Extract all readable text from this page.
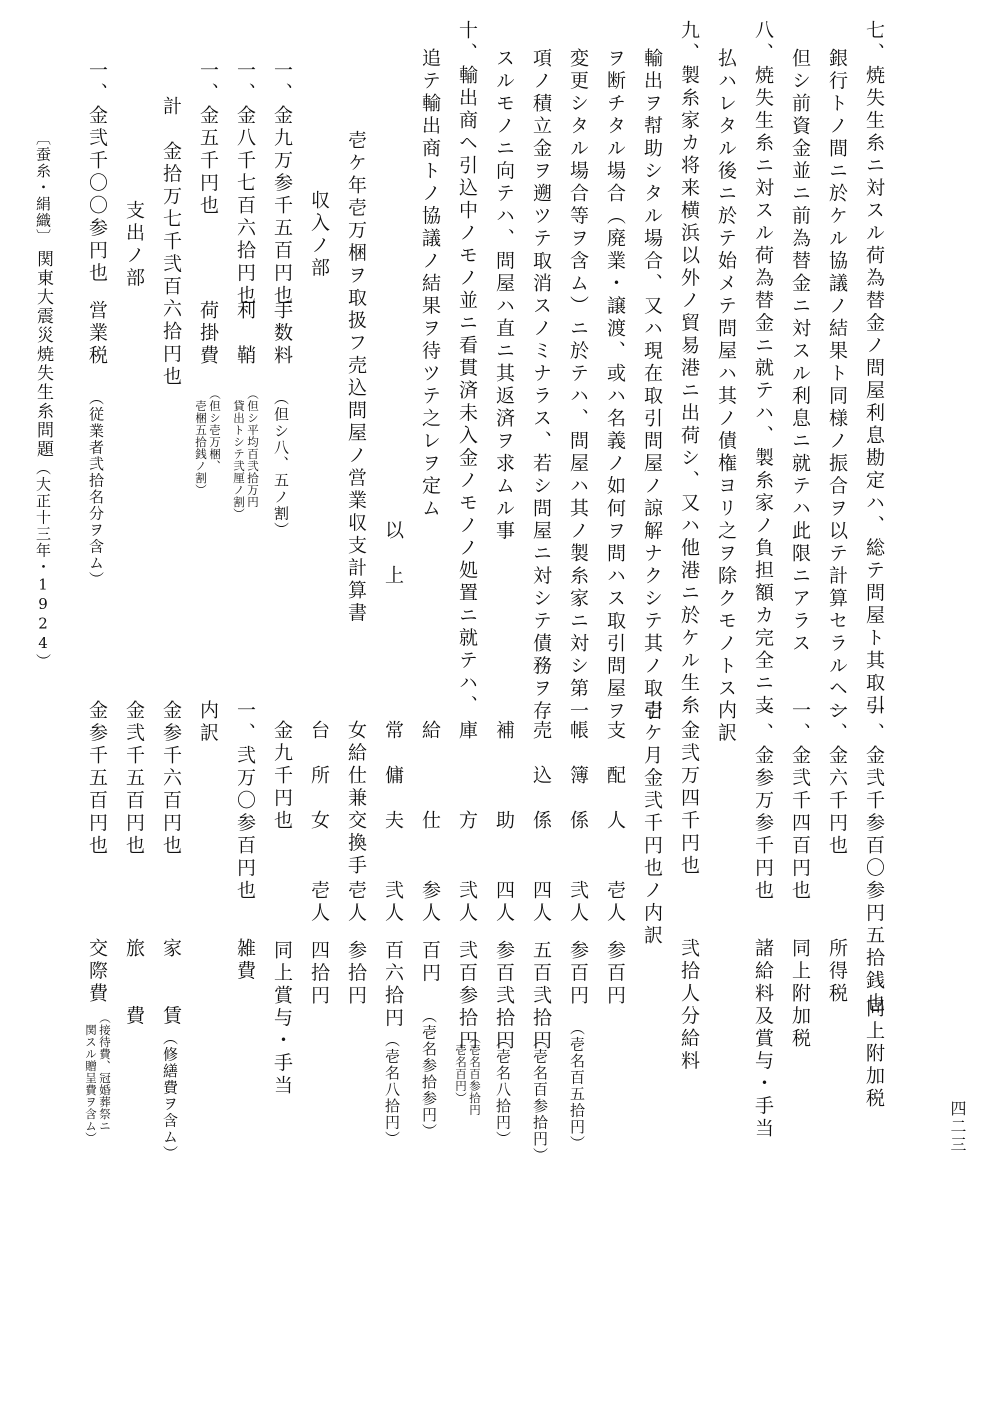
七、焼失生糸ニ対スル荷為替金ノ問屋利息勘定ハ、総テ問屋ト其取引
銀行トノ間ニ於ケル協議ノ結果ト同様ノ振合ヲ以テ計算セラルヘシ
但シ前資金並ニ前為替金ニ対スル利息ニ就テハ此限ニアラス
八、焼失生糸ニ対スル荷為替金ニ就テハ、製糸家ノ負担額カ完全ニ支
払ハレタル後ニ於テ始メテ問屋ハ其ノ債権ヨリ之ヲ除クモノトス
九、製糸家カ将来横浜以外ノ貿易港ニ出荷シ、又ハ他港ニ於ケル生糸
輸出ヲ幇助シタル場合、又ハ現在取引問屋ノ諒解ナクシテ其ノ取引
ヲ断チタル場合（廃業・譲渡、或ハ名義ノ如何ヲ問ハス取引問屋ヲ
変更シタル場合等ヲ含ム）ニ於テハ、問屋ハ其ノ製糸家ニ対シ第一
項ノ積立金ヲ遡ツテ取消スノミナラス、若シ問屋ニ対シテ債務ヲ存
スルモノニ向テハ、問屋ハ直ニ其返済ヲ求ムル事
十、輸出商ヘ引込中ノモノ並ニ看貫済未入金ノモノノ処置ニ就テハ、
追テ輸出商トノ協議ノ結果ヲ待ツテ之レヲ定ム
以　上
壱ケ年壱万梱ヲ取扱フ売込問屋ノ営業収支計算書
収入ノ部
一、金九万参千五百円也
手数料
（但シ八、五ノ割）
一、金八千七百六拾円也
利　鞘
（但シ平均百弐拾万円
　貸出トシテ弐厘ノ割）
一、金五千円也
荷掛費
（但シ壱万梱、
　壱梱五拾銭ノ割）
計　金拾万七千弐百六拾円也
支出ノ部
一、金弐千〇〇参円也
営業税
（従業者弐拾名分ヲ含ム）
〔蚕糸・絹織〕
関東大震災焼失生糸問題
（大正十三年・1924）
一、金弐千参百〇参円五拾銭也
同上附加税
所得税
一、金六千円也
一、金弐千四百円也
同上附加税
一、金参万参千円也
諸給料及賞与・手当
内訳
金弐万四千円也
弐拾人分給料
壱ケ月金弐千円也ノ内訳
支　配　人
壱人
参百円
帳　簿　係
弐人
参百円
（壱名百五拾円）
売　込　係
四人
五百弐拾円
（壱名百参拾円）
補　　　助
四人
参百弐拾円
（壱名八拾円）
庫　　　方
弐人
弐百参拾円
（壱名百参拾円
　壱名百円）
給　　　仕
参人
百円
（壱名参拾参円）
常　傭　夫
弐人
百六拾円
（壱名八拾円）
女給仕兼交換手
壱人
参拾円
台　所　女
壱人
四拾円
金九千円也
同上賞与・手当
一、弐万〇参百円也
雑費
内訳
金参千六百円也
家　　賃
（修繕費ヲ含ム）
金弐千五百円也
旅　　費
金参千五百円也
交際費
（接待費、冠婚葬祭ニ
　関スル贈呈費ヲ含ム）	四二三
